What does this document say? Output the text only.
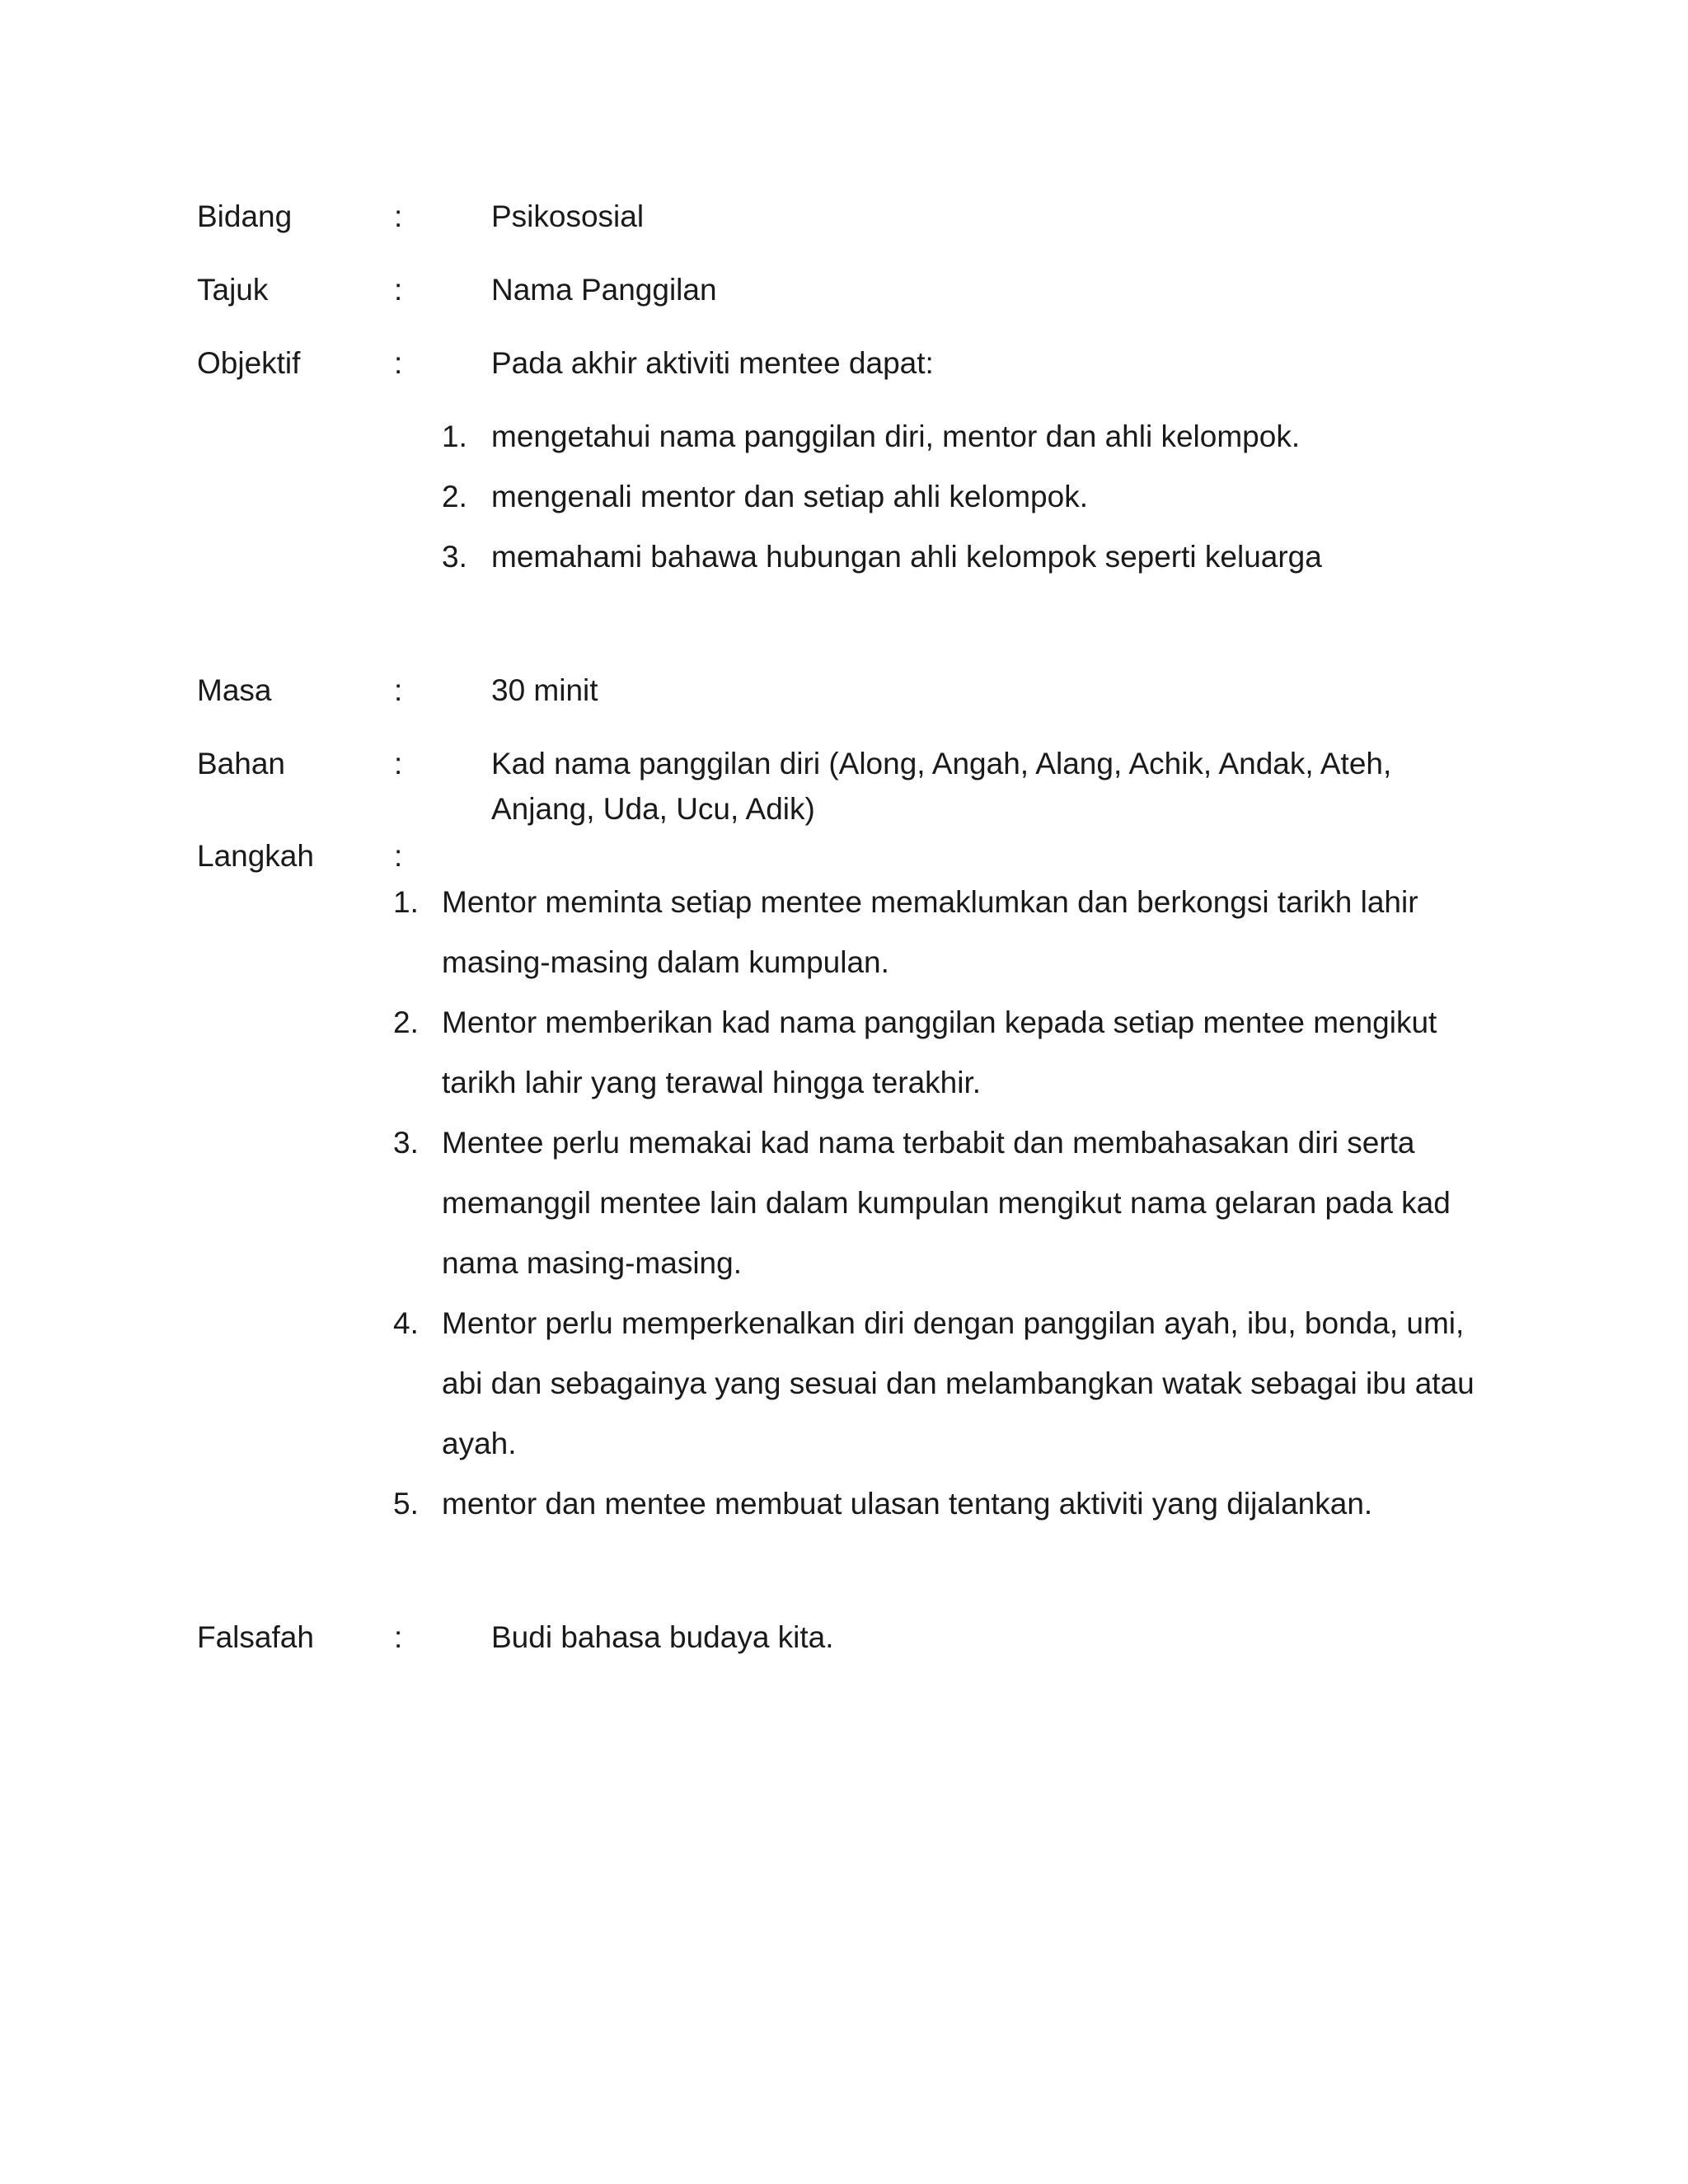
Bidang	:	Psikososial
Tajuk	:	Nama Panggilan
Objektif	:	Pada akhir aktiviti mentee dapat:
1. mengetahui nama panggilan diri, mentor dan ahli kelompok.
2. mengenali mentor dan setiap ahli kelompok.
3. memahami bahawa hubungan ahli kelompok seperti keluarga
Masa	:	30 minit
Bahan	:	Kad nama panggilan diri (Along, Angah, Alang, Achik, Andak, Ateh,
Anjang, Uda, Ucu, Adik)
Langkah	:
1. Mentor meminta setiap mentee memaklumkan dan berkongsi tarikh lahir
masing-masing dalam kumpulan.
2. Mentor memberikan kad nama panggilan kepada setiap mentee mengikut
tarikh lahir yang terawal hingga terakhir.
3. Mentee perlu memakai kad nama terbabit dan membahasakan diri serta
memanggil mentee lain dalam kumpulan mengikut nama gelaran pada kad
nama masing-masing.
4. Mentor perlu memperkenalkan diri dengan panggilan ayah, ibu, bonda, umi,
abi dan sebagainya yang sesuai dan melambangkan watak sebagai ibu atau
ayah.
5. mentor dan mentee membuat ulasan tentang aktiviti yang dijalankan.
Falsafah	:	Budi bahasa budaya kita.
